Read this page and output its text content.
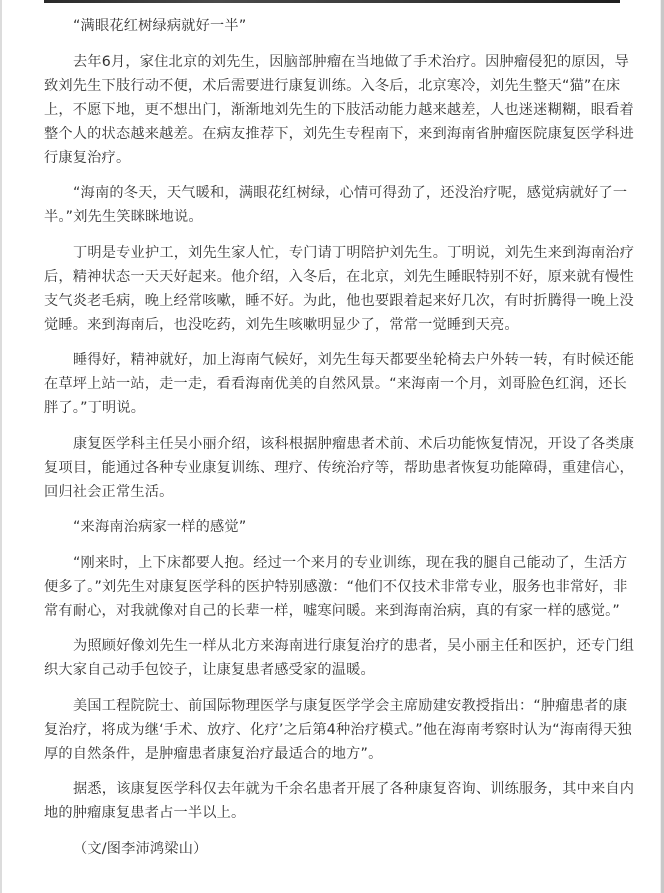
“满眼花红树绿病就好一半”

去年6月，家住北京的刘先生，因脑部肿瘤在当地做了手术治疗。因肿瘤侵犯的原因，导致刘先生下肢行动不便，术后需要进行康复训练。入冬后，北京寒冷，刘先生整天“猫”在床上，不愿下地，更不想出门，渐渐地刘先生的下肢活动能力越来越差，人也迷迷糊糊，眼看着整个人的状态越来越差。在病友推荐下，刘先生专程南下，来到海南省肿瘤医院康复医学科进行康复治疗。

“海南的冬天，天气暖和，满眼花红树绿，心情可得劲了，还没治疗呢，感觉病就好了一半。”刘先生笑眯眯地说。

丁明是专业护工，刘先生家人忙，专门请丁明陪护刘先生。丁明说，刘先生来到海南治疗后，精神状态一天天好起来。他介绍，入冬后，在北京，刘先生睡眠特别不好，原来就有慢性支气炎老毛病，晚上经常咳嗽，睡不好。为此，他也要跟着起来好几次，有时折腾得一晚上没觉睡。来到海南后，也没吃药，刘先生咳嗽明显少了，常常一觉睡到天亮。

睡得好，精神就好，加上海南气候好，刘先生每天都要坐轮椅去户外转一转，有时候还能在草坪上站一站，走一走，看看海南优美的自然风景。“来海南一个月，刘哥脸色红润，还长胖了。”丁明说。

康复医学科主任吴小丽介绍，该科根据肿瘤患者术前、术后功能恢复情况，开设了各类康复项目，能通过各种专业康复训练、理疗、传统治疗等，帮助患者恢复功能障碍，重建信心，回归社会正常生活。

“来海南治病家一样的感觉”

“刚来时，上下床都要人抱。经过一个来月的专业训练，现在我的腿自己能动了，生活方便多了。”刘先生对康复医学科的医护特别感激：“他们不仅技术非常专业，服务也非常好，非常有耐心，对我就像对自己的长辈一样，嘘寒问暖。来到海南治病，真的有家一样的感觉。”

为照顾好像刘先生一样从北方来海南进行康复治疗的患者，吴小丽主任和医护，还专门组织大家自己动手包饺子，让康复患者感受家的温暖。

美国工程院院士、前国际物理医学与康复医学学会主席励建安教授指出：“肿瘤患者的康复治疗，将成为继‘手术、放疗、化疗’之后第4种治疗模式。”他在海南考察时认为“海南得天独厚的自然条件，是肿瘤患者康复治疗最适合的地方”。

据悉，该康复医学科仅去年就为千余名患者开展了各种康复咨询、训练服务，其中来自内地的肿瘤康复患者占一半以上。

（文/图李沛鸿梁山）
